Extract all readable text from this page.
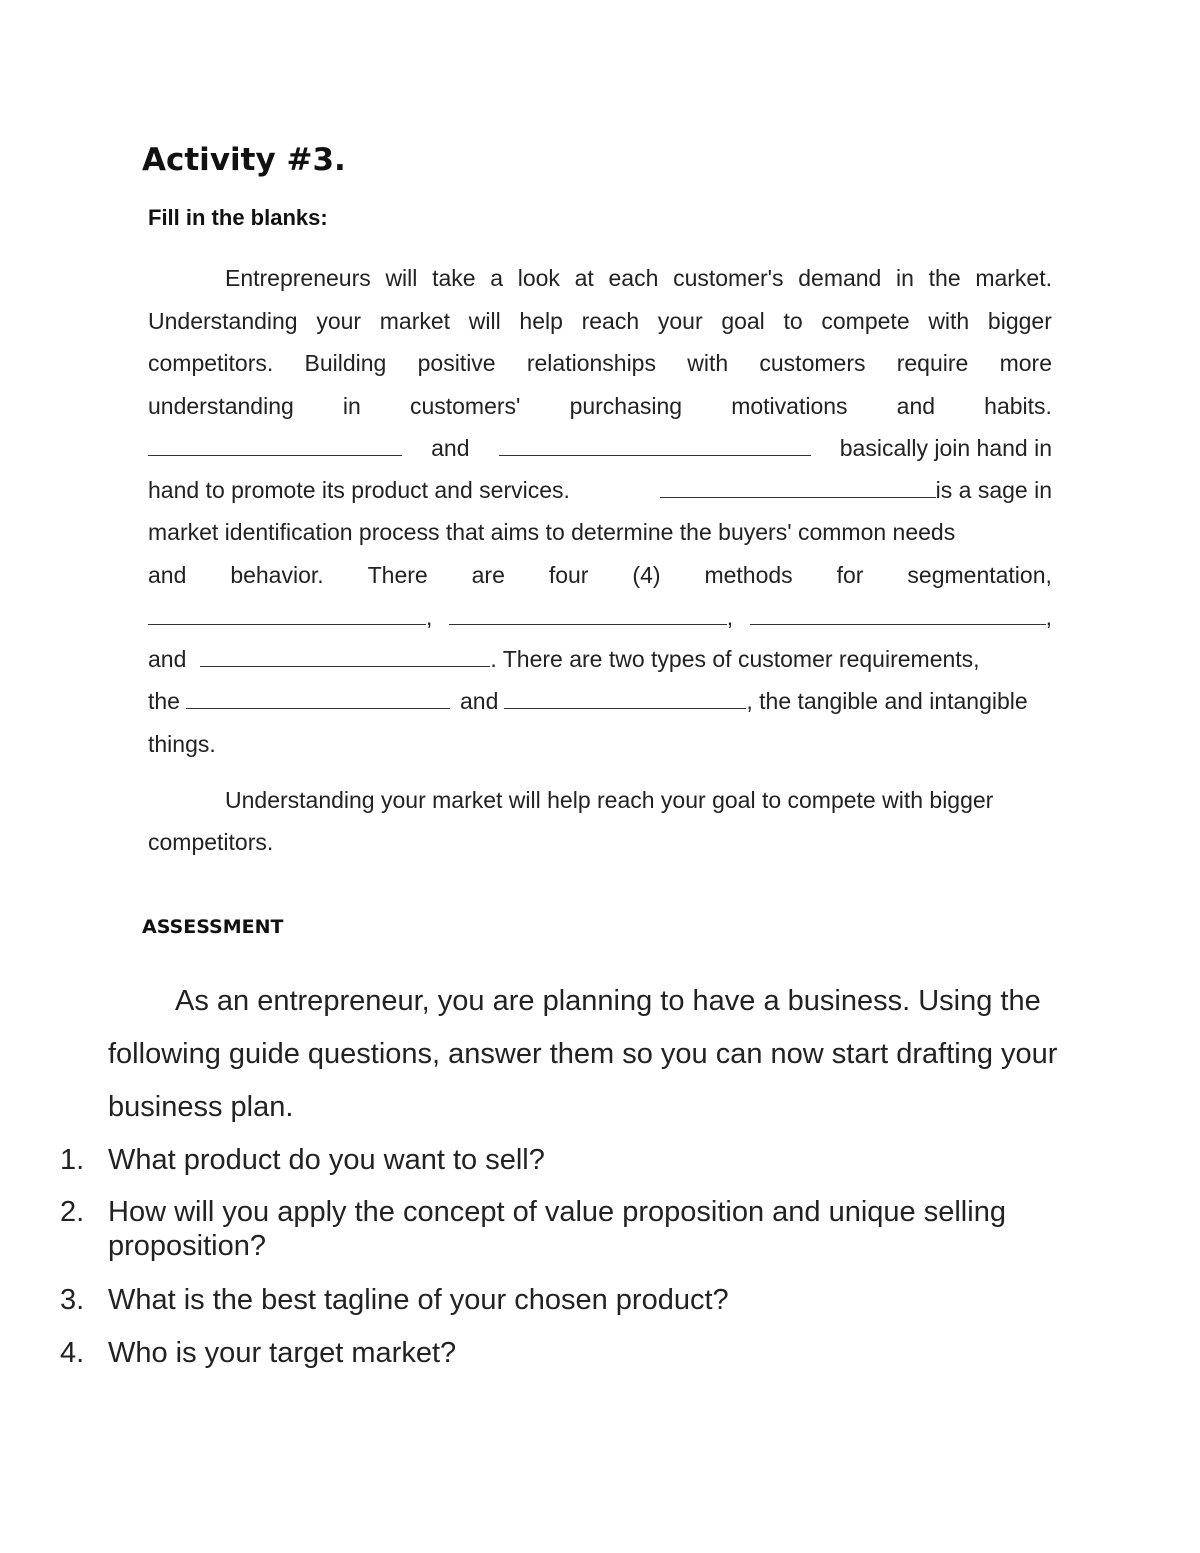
Activity #3.
Fill in the blanks:
Entrepreneurs will take a look at each customer's demand in the market.
Understanding your market will help reach your goal to compete with bigger
competitors. Building positive relationships with customers require more
understanding in customers' purchasing motivations and habits.
and	basically join hand in
hand to promote its product and services.	is a sage in
market identification process that aims to determine the buyers' common needs
and behavior. There are four (4) methods for segmentation,
,	,	,
and	. There are two types of customer requirements,
the	and	, the tangible and intangible
things.
Understanding your market will help reach your goal to compete with bigger
competitors.
ASSESSMENT
As an entrepreneur, you are planning to have a business. Using the
following guide questions, answer them so you can now start drafting your
business plan.
1. What product do you want to sell?
2. How will you apply the concept of value proposition and unique selling
proposition?
3. What is the best tagline of your chosen product?
4. Who is your target market?
